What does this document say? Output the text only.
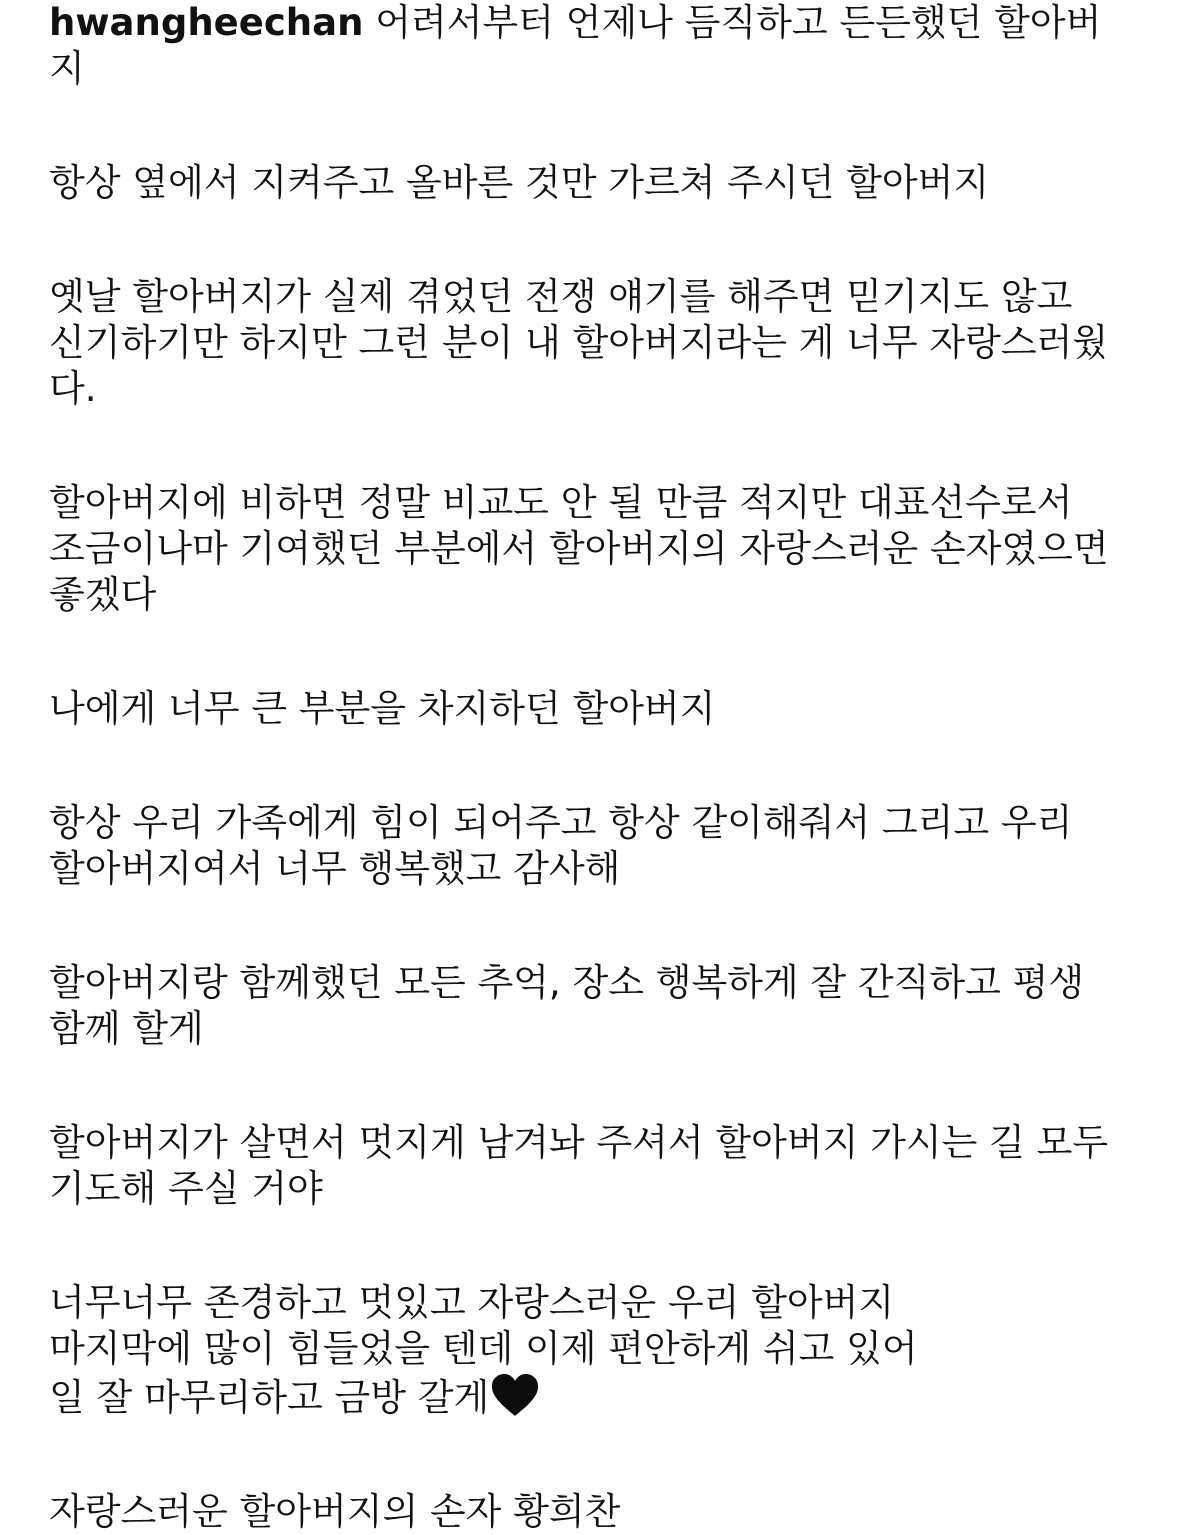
hwangheechan 어려서부터 언제나 듬직하고 든든했던 할아버
지
항상 옆에서 지켜주고 올바른 것만 가르쳐 주시던 할아버지
옛날 할아버지가 실제 겪었던 전쟁 얘기를 해주면 믿기지도 않고
신기하기만 하지만 그런 분이 내 할아버지라는 게 너무 자랑스러웠
다.
할아버지에 비하면 정말 비교도 안 될 만큼 적지만 대표선수로서
조금이나마 기여했던 부분에서 할아버지의 자랑스러운 손자였으면
좋겠다
나에게 너무 큰 부분을 차지하던 할아버지
항상 우리 가족에게 힘이 되어주고 항상 같이해줘서 그리고 우리
할아버지여서 너무 행복했고 감사해
할아버지랑 함께했던 모든 추억, 장소 행복하게 잘 간직하고 평생
함께 할게
할아버지가 살면서 멋지게 남겨놔 주셔서 할아버지 가시는 길 모두
기도해 주실 거야
너무너무 존경하고 멋있고 자랑스러운 우리 할아버지
마지막에 많이 힘들었을 텐데 이제 편안하게 쉬고 있어
일 잘 마무리하고 금방 갈게
자랑스러운 할아버지의 손자 황희찬
